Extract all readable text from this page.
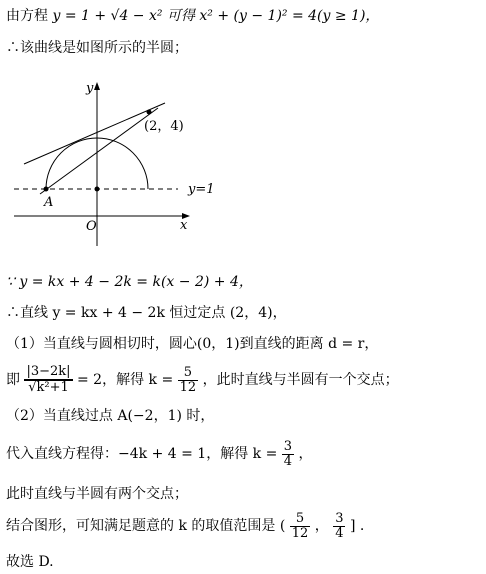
由方程 y = 1 + √4 − x² 可得 x² + (y − 1)² = 4(y ≥ 1)，
∴该曲线是如图所示的半圆；
y
x
O
A
(2，4)
y=1
∵ y = kx + 4 − 2k = k(x − 2) + 4，
∴直线 y = kx + 4 − 2k 恒过定点 (2，4)，
（1）当直线与圆相切时，圆心(0，1)到直线的距离 d = r，
即 $\frac{|3-2k|}{\text{√k²+1}} = 2$，解得 $k = \frac{5}{12}$ ，此时直线与半圆有一个交点；
（2）当直线过点 A(−2，1) 时，
代入直线方程得：−4k + 4 = 1，解得 $k = \frac{3}{4}$ ，
此时直线与半圆有两个交点；
结合图形，可知满足题意的 k 的取值范围是 ( $\frac{5}{12}$ ， $\frac{3}{4}$ ] .
故选 D.
